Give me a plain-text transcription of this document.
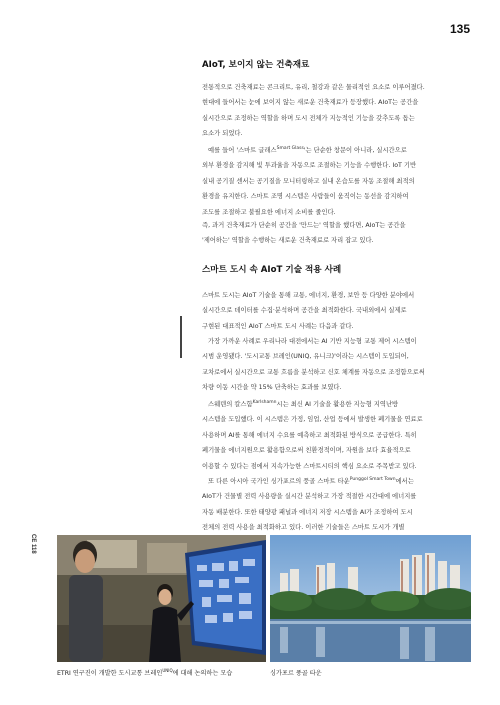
135
CE 118
AIoT, 보이지 않는 건축재료

전통적으로 건축재료는 콘크리트, 유리, 철강과 같은 물리적인 요소로 이루어졌다.
현대에 들어서는 눈에 보이지 않는 새로운 건축재료가 등장했다. AIoT는 공간을
실시간으로 조정하는 역할을 하며 도시 전체가 지능적인 기능을 갖추도록 돕는
요소가 되었다.

예를 들어 '스마트 글래스$^{Smart Glass}$'는 단순한 창문이 아니라, 실시간으로
외부 환경을 감지해 빛 투과율을 자동으로 조절하는 기능을 수행한다. IoT 기반
실내 공기질 센서는 공기질을 모니터링하고 실내 온습도를 자동 조절해 최적의
환경을 유지한다. 스마트 조명 시스템은 사람들이 움직이는 동선을 감지하여
조도를 조절하고 불필요한 에너지 소비를 줄인다.

즉, 과거 건축재료가 단순히 공간을 '만드는' 역할을 했다면, AIoT는 공간을
'제어하는' 역할을 수행하는 새로운 건축재료로 자리 잡고 있다.

스마트 도시 속 AIoT 기술 적용 사례

스마트 도시는 AIoT 기술을 통해 교통, 에너지, 환경, 보안 등 다양한 분야에서
실시간으로 데이터를 수집·분석하며 공간을 최적화한다. 국내외에서 실제로
구현된 대표적인 AIoT 스마트 도시 사례는 다음과 같다.

가장 가까운 사례로 우리나라 대전에서는 AI 기반 지능형 교통 제어 시스템이
시범 운영됐다. '도시교통 브레인(UNIQ, 유니크)'이라는 시스템이 도입되어,
교차로에서 실시간으로 교통 흐름을 분석하고 신호 체계를 자동으로 조정함으로써
차량 이동 시간을 약 15% 단축하는 효과를 보였다.

스웨덴의 칼스함$^{Karlshamn}$시는 최신 AI 기술을 활용한 지능형 지역난방
시스템을 도입했다. 이 시스템은 가정, 임업, 산업 등에서 발생한 폐기물을 연료로
사용하며 AI를 통해 에너지 수요를 예측하고 최적화된 방식으로 공급한다. 특히
폐기물을 에너지원으로 활용함으로써 친환경적이며, 자원을 보다 효율적으로
이용할 수 있다는 점에서 지속가능한 스마트시티의 핵심 요소로 주목받고 있다.

또 다른 아시아 국가인 싱가포르의 풍골 스마트 타운$^{Punggol Smart Town}$에서는
AIoT가 건물별 전력 사용량을 실시간 분석하고 가장 적절한 시간대에 에너지를
자동 배분한다. 또한 태양광 패널과 에너지 저장 시스템을 AI가 조정하여 도시
전체의 전력 사용을 최적화하고 있다. 이러한 기술들은 스마트 도시가 개별

ETRI 연구진이 개발한 도시교통 브레인$^{UNIQ}$에 대해 논의하는 모습	싱가포르 풍골 타운
